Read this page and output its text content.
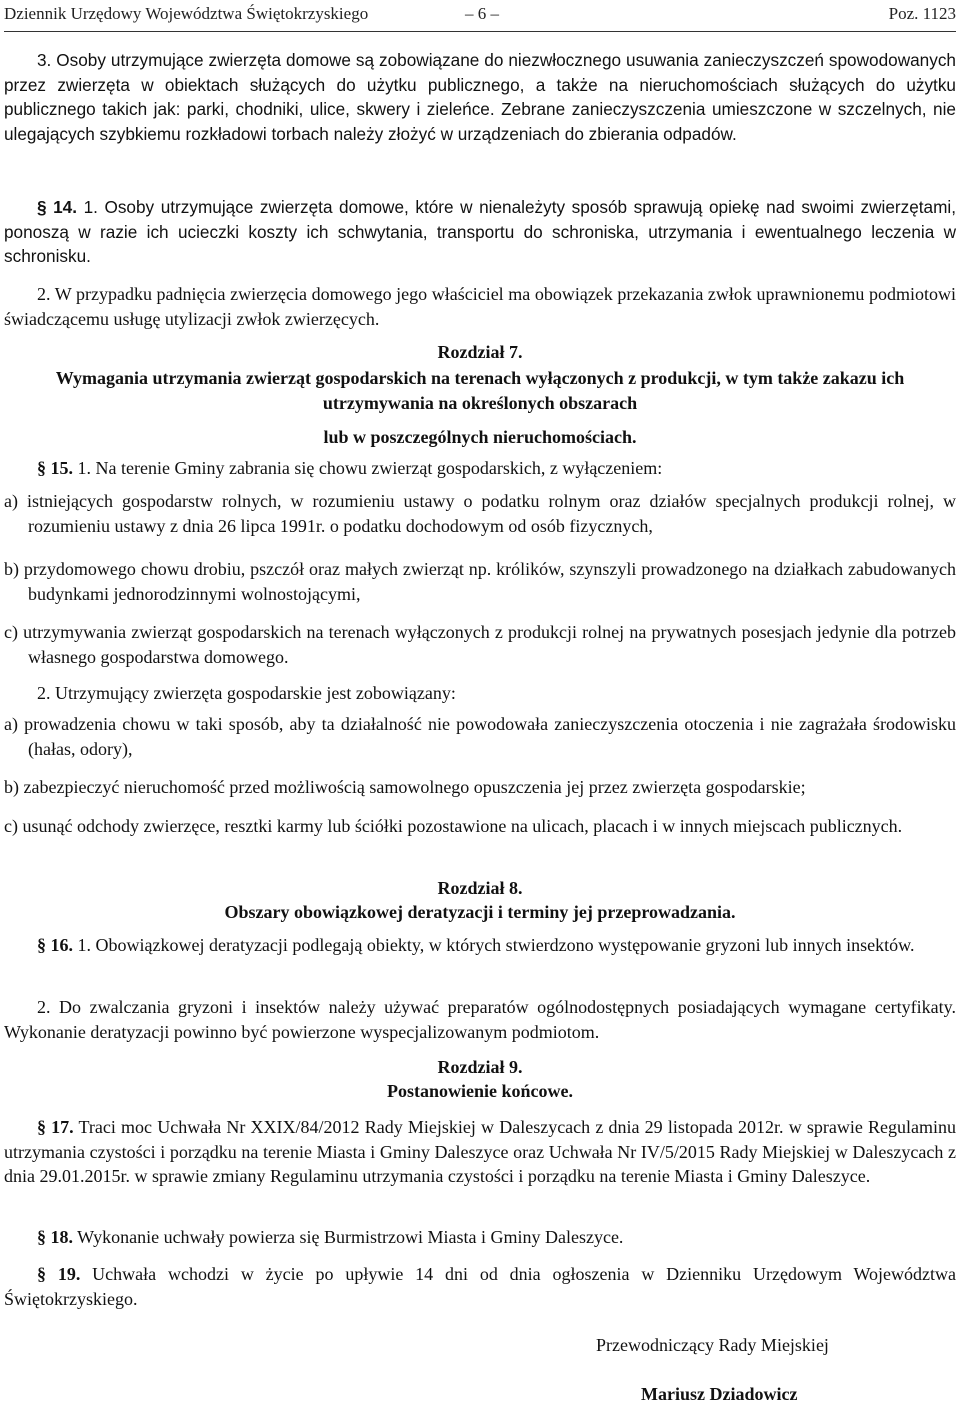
Dziennik Urzędowy Województwa Świętokrzyskiego	– 6 –	Poz. 1123
3. Osoby utrzymujące zwierzęta domowe są zobowiązane do niezwłocznego usuwania zanieczyszczeń spowodowanych przez zwierzęta w obiektach służących do użytku publicznego, a także na nieruchomościach służących do użytku publicznego takich jak: parki, chodniki, ulice, skwery i zieleńce. Zebrane zanieczyszczenia umieszczone w szczelnych, nie ulegających szybkiemu rozkładowi torbach należy złożyć w urządzeniach do zbierania odpadów.
§ 14. 1. Osoby utrzymujące zwierzęta domowe, które w nienależyty sposób sprawują opiekę nad swoimi zwierzętami, ponoszą w razie ich ucieczki koszty ich schwytania, transportu do schroniska, utrzymania i ewentualnego leczenia w schronisku.
2. W przypadku padnięcia zwierzęcia domowego jego właściciel ma obowiązek przekazania zwłok uprawnionemu podmiotowi świadczącemu usługę utylizacji zwłok zwierzęcych.
Rozdział 7.
Wymagania utrzymania zwierząt gospodarskich na terenach wyłączonych z produkcji, w tym także zakazu ich utrzymywania na określonych obszarach
lub w poszczególnych nieruchomościach.
§ 15. 1. Na terenie Gminy zabrania się chowu zwierząt gospodarskich, z wyłączeniem:
a) istniejących gospodarstw rolnych, w rozumieniu ustawy o podatku rolnym oraz działów specjalnych produkcji rolnej, w rozumieniu ustawy z dnia 26 lipca 1991r. o podatku dochodowym od osób fizycznych,
b) przydomowego chowu drobiu, pszczół oraz małych zwierząt np. królików, szynszyli prowadzonego na działkach zabudowanych budynkami jednorodzinnymi wolnostojącymi,
c) utrzymywania zwierząt gospodarskich na terenach wyłączonych z produkcji rolnej na prywatnych posesjach jedynie dla potrzeb własnego gospodarstwa domowego.
2. Utrzymujący zwierzęta gospodarskie jest zobowiązany:
a) prowadzenia chowu w taki sposób, aby ta działalność nie powodowała zanieczyszczenia otoczenia i nie zagrażała środowisku (hałas, odory),
b) zabezpieczyć nieruchomość przed możliwością samowolnego opuszczenia jej przez zwierzęta gospodarskie;
c) usunąć odchody zwierzęce, resztki karmy lub ściółki pozostawione na ulicach, placach i w innych miejscach publicznych.
Rozdział 8.
Obszary obowiązkowej deratyzacji i terminy jej przeprowadzania.
§ 16. 1. Obowiązkowej deratyzacji podlegają obiekty, w których stwierdzono występowanie gryzoni lub innych insektów.
2. Do zwalczania gryzoni i insektów należy używać preparatów ogólnodostępnych posiadających wymagane certyfikaty. Wykonanie deratyzacji powinno być powierzone wyspecjalizowanym podmiotom.
Rozdział 9.
Postanowienie końcowe.
§ 17. Traci moc Uchwała Nr XXIX/84/2012 Rady Miejskiej w Daleszycach z dnia 29 listopada 2012r. w sprawie Regulaminu utrzymania czystości i porządku na terenie Miasta i Gminy Daleszyce oraz Uchwała Nr IV/5/2015 Rady Miejskiej w Daleszycach z dnia 29.01.2015r. w sprawie zmiany Regulaminu utrzymania czystości i porządku na terenie Miasta i Gminy Daleszyce.
§ 18. Wykonanie uchwały powierza się Burmistrzowi Miasta i Gminy Daleszyce.
§ 19. Uchwała wchodzi w życie po upływie 14 dni od dnia ogłoszenia w Dzienniku Urzędowym Województwa Świętokrzyskiego.
Przewodniczący Rady Miejskiej
Mariusz Dziadowicz
